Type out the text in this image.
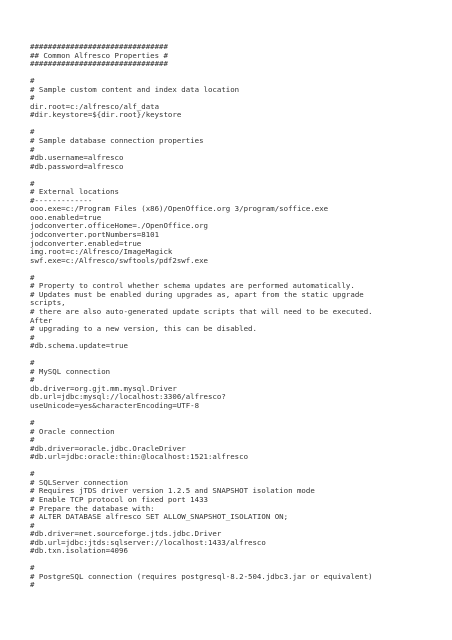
###############################
## Common Alfresco Properties #
###############################
#
# Sample custom content and index data location
#
dir.root=c:/alfresco/alf_data
#dir.keystore=${dir.root}/keystore
#
# Sample database connection properties
#
#db.username=alfresco
#db.password=alfresco
#
# External locations
#-------------
ooo.exe=c:/Program Files (x86)/OpenOffice.org 3/program/soffice.exe
ooo.enabled=true
jodconverter.officeHome=./OpenOffice.org
jodconverter.portNumbers=8101
jodconverter.enabled=true
img.root=c:/Alfresco/ImageMagick
swf.exe=c:/Alfresco/swftools/pdf2swf.exe
#
# Property to control whether schema updates are performed automatically.
# Updates must be enabled during upgrades as, apart from the static upgrade
scripts,
# there are also auto-generated update scripts that will need to be executed.
After
# upgrading to a new version, this can be disabled.
#
#db.schema.update=true
#
# MySQL connection
#
db.driver=org.gjt.mm.mysql.Driver
db.url=jdbc:mysql://localhost:3306/alfresco?
useUnicode=yes&characterEncoding=UTF-8
#
# Oracle connection
#
#db.driver=oracle.jdbc.OracleDriver
#db.url=jdbc:oracle:thin:@localhost:1521:alfresco
#
# SQLServer connection
# Requires jTDS driver version 1.2.5 and SNAPSHOT isolation mode
# Enable TCP protocol on fixed port 1433
# Prepare the database with:
# ALTER DATABASE alfresco SET ALLOW_SNAPSHOT_ISOLATION ON;
#
#db.driver=net.sourceforge.jtds.jdbc.Driver
#db.url=jdbc:jtds:sqlserver://localhost:1433/alfresco
#db.txn.isolation=4096
#
# PostgreSQL connection (requires postgresql-8.2-504.jdbc3.jar or equivalent)
#
